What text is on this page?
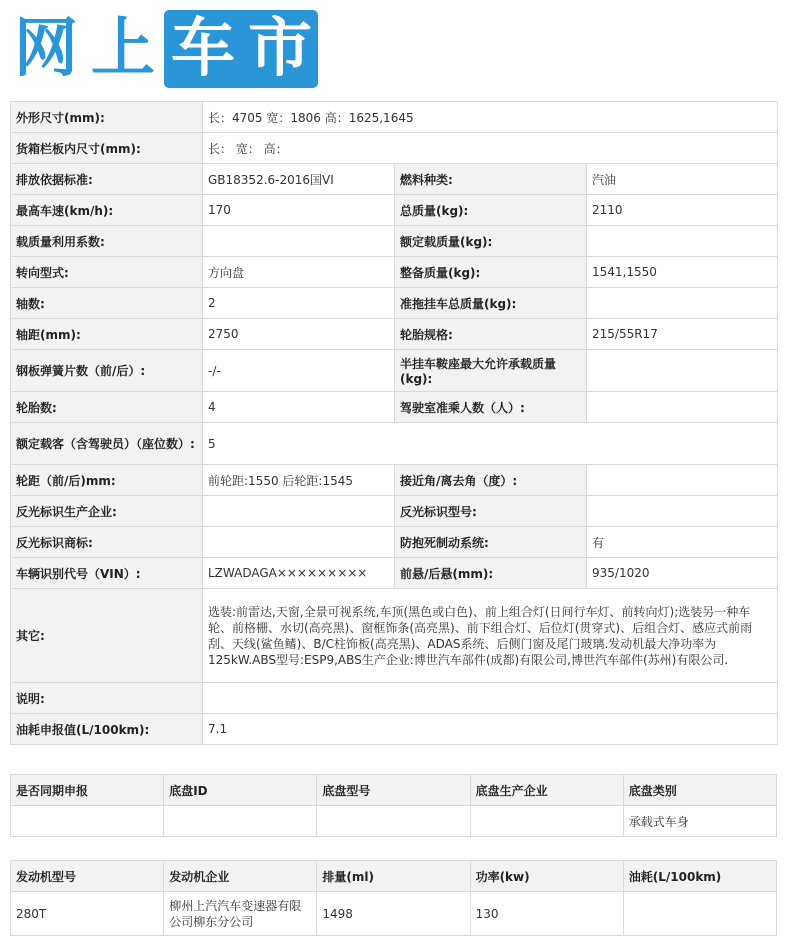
网 上 车 市
外形尺寸(mm):	长：4705 宽：1806 高：1625,1645		
货箱栏板内尺寸(mm):	长： 宽： 高：		
排放依据标准:	GB18352.6-2016国VI	燃料种类:	汽油
最高车速(km/h):	170	总质量(kg):	2110
载质量利用系数:		额定载质量(kg):	
转向型式:	方向盘	整备质量(kg):	1541,1550
轴数:	2	准拖挂车总质量(kg):	
轴距(mm):	2750	轮胎规格:	215/55R17
钢板弹簧片数（前/后）:	-/-	半挂车鞍座最大允许承载质量(kg):	
轮胎数:	4	驾驶室准乘人数（人）:	
额定载客（含驾驶员）（座位数）:	5		
轮距（前/后)mm:	前轮距:1550 后轮距:1545	接近角/离去角（度）:	
反光标识生产企业:		反光标识型号:	
反光标识商标:		防抱死制动系统:	有
车辆识别代号（VIN）:	LZWADAGA×××××××××	前悬/后悬(mm):	935/1020
其它:	选装:前雷达,天窗,全景可视系统,车顶(黑色或白色)、前上组合灯(日间行车灯、前转向灯);选装另一种车轮、前格栅、水切(高亮黑)、窗框饰条(高亮黑)、前下组合灯、后位灯(贯穿式)、后组合灯、感应式前雨刮、天线(鲨鱼鳍)、B/C柱饰板(高亮黑)、ADAS系统、后侧门窗及尾门玻璃.发动机最大净功率为125kW.ABS型号:ESP9,ABS生产企业:博世汽车部件(成都)有限公司,博世汽车部件(苏州)有限公司.		
说明:			
油耗申报值(L/100km):	7.1		
是否同期申报	底盘ID	底盘型号	底盘生产企业	底盘类别
				承载式车身
发动机型号	发动机企业	排量(ml)	功率(kw)	油耗(L/100km)
280T	柳州上汽汽车变速器有限公司柳东分公司	1498	130	
